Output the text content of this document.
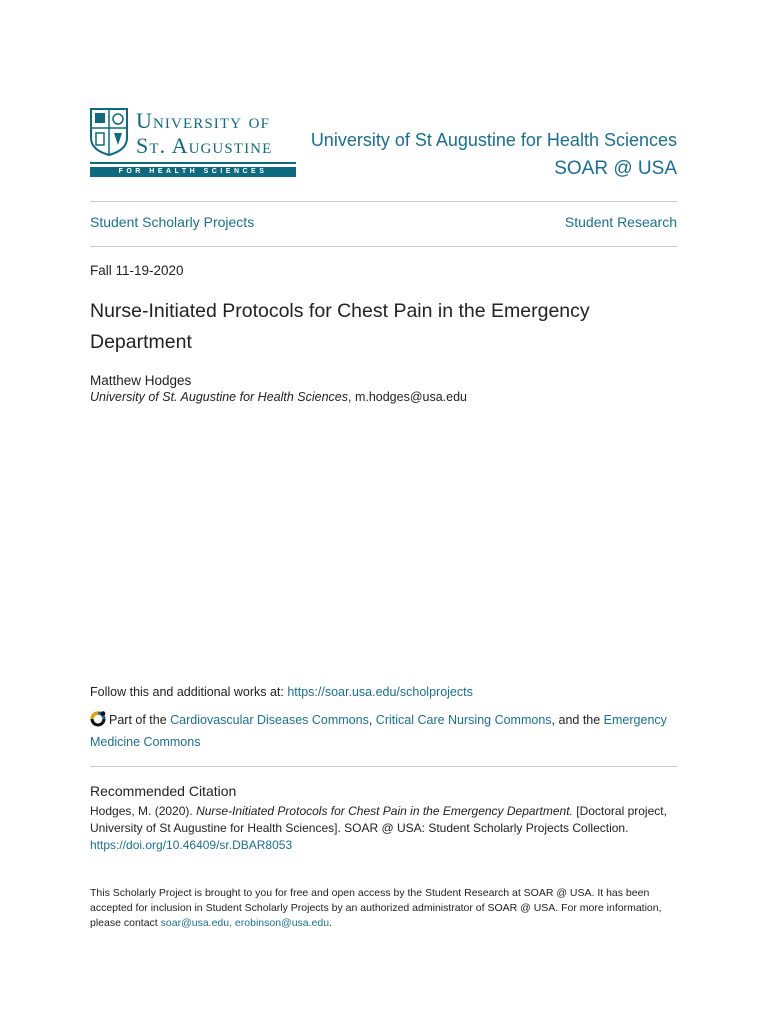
University of
St. Augustine
FOR HEALTH SCIENCES
University of St Augustine for Health Sciences
SOAR @ USA
Student Scholarly Projects	Student Research
Fall 11-19-2020
Nurse-Initiated Protocols for Chest Pain in the Emergency Department
Matthew Hodges
University of St. Augustine for Health Sciences, m.hodges@usa.edu
Follow this and additional works at: https://soar.usa.edu/scholprojects
Part of the Cardiovascular Diseases Commons, Critical Care Nursing Commons, and the Emergency Medicine Commons
Recommended Citation
Hodges, M. (2020). Nurse-Initiated Protocols for Chest Pain in the Emergency Department. [Doctoral project, University of St Augustine for Health Sciences]. SOAR @ USA: Student Scholarly Projects Collection. https://doi.org/10.46409/sr.DBAR8053
This Scholarly Project is brought to you for free and open access by the Student Research at SOAR @ USA. It has been accepted for inclusion in Student Scholarly Projects by an authorized administrator of SOAR @ USA. For more information, please contact soar@usa.edu, erobinson@usa.edu.
